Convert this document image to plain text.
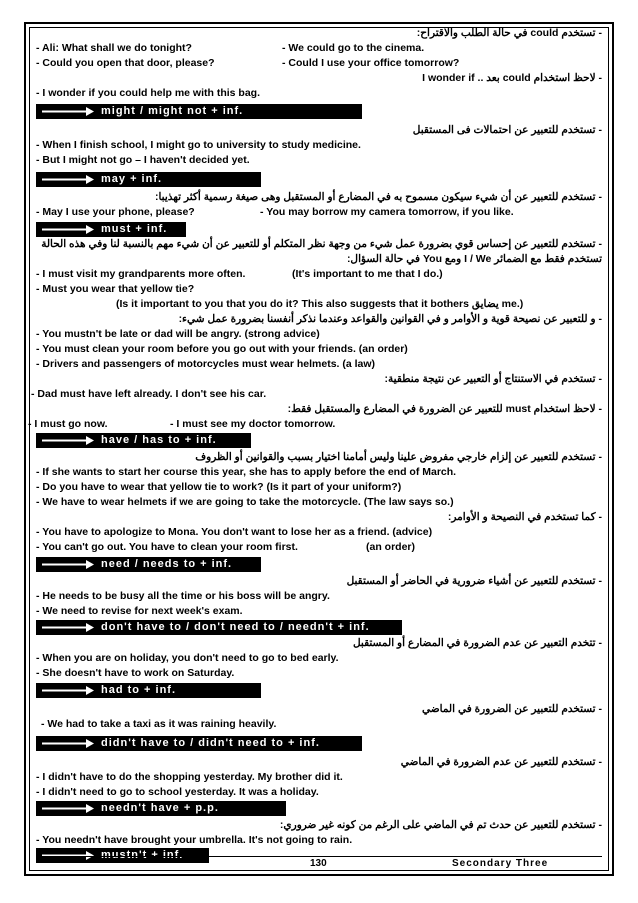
- تستخدم could في حالة الطلب والاقتراح:
- Ali: What shall we do tonight?	- We could go to the cinema.
- Could you open that door, please?	- Could I use your office tomorrow?
- لاحظ استخدام could بعد .. I wonder if
- I wonder if you could help me with this bag.
might / might not + inf.
- تستخدم للتعبير عن احتمالات فى المستقبل
- When I finish school, I might go to university to study medicine.
- But I might not go – I haven't decided yet.
may + inf.
- تستخدم للتعبير عن أن شيء سيكون مسموح به في المضارع أو المستقبل وهى صيغة رسمية أكثر تهذيبا:
- May I use your phone, please?	- You may borrow my camera tomorrow, if you like.
must + inf.
- تستخدم للتعبير عن إحساس قوي بضرورة عمل شيء من وجهة نظر المتكلم أو للتعبير عن أن شيء مهم بالنسبة لنا وفي هذه الحالة
تستخدم فقط مع الضمائر I / We ومع You في حالة السؤال:
- I must visit my grandparents more often.	(It's important to me that I do.)
- Must you wear that yellow tie?
(Is it important to you that you do it? This also suggests that it bothers يضايق me.)
- و للتعبير عن نصيحة قوية و الأوامر و في القوانين والقواعد وعندما نذكر أنفسنا بضرورة عمل شيء:
- You mustn't be late or dad will be angry. (strong advice)
- You must clean your room before you go out with your friends. (an order)
- Drivers and passengers of motorcycles must wear helmets. (a law)
- تستخدم في الاستنتاج أو التعبير عن نتيجة منطقية:
- Dad must have left already. I don't see his car.
- لاحظ استخدام must للتعبير عن الضرورة في المضارع والمستقبل فقط:
- I must go now.	- I must see my doctor tomorrow.
have / has to + inf.
- تستخدم للتعبير عن إلزام خارجي مفروض علينا وليس أمامنا اختيار بسبب والقوانين أو الظروف
- If she wants to start her course this year, she has to apply before the end of March.
- Do you have to wear that yellow tie to work? (Is it part of your uniform?)
- We have to wear helmets if we are going to take the motorcycle. (The law says so.)
- كما تستخدم في النصيحة و الأوامر:
- You have to apologize to Mona. You don't want to lose her as a friend. (advice)
- You can't go out. You have to clean your room first.	(an order)
need / needs to + inf.
- تستخدم للتعبير عن أشياء ضرورية في الحاضر أو المستقبل
- He needs to be busy all the time or his boss will be angry.
- We need to revise for next week's exam.
don't have to / don't need to / needn't + inf.
- تتخدم التعبير عن عدم الضرورة في المضارع أو المستقبل
- When you are on holiday, you don't need to go to bed early.
- She doesn't have to work on Saturday.
had to + inf.
- تستخدم للتعبير عن الضرورة في الماضي
- We had to take a taxi as it was raining heavily.
didn't have to / didn't need to + inf.
- تستخدم للتعبير عن عدم الضرورة في الماضي
- I didn't have to do the shopping yesterday. My brother did it.
- I didn't need to go to school yesterday. It was a holiday.
needn't have + p.p.
- تستخدم للتعبير عن حدث تم في الماضي على الرغم من كونه غير ضروري:
- You needn't have brought your umbrella. It's not going to rain.
mustn't + inf.
130	Secondary Three
